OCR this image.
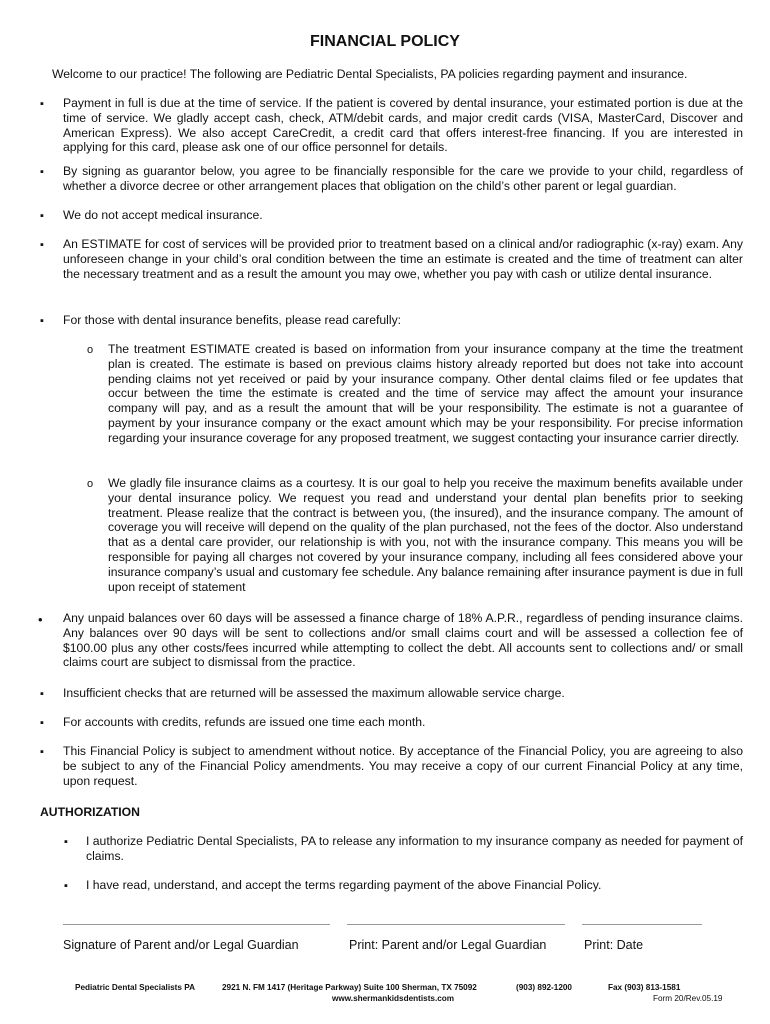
FINANCIAL POLICY
Welcome to our practice! The following are Pediatric Dental Specialists, PA policies regarding payment and insurance.
▪ Payment in full is due at the time of service. If the patient is covered by dental insurance, your estimated portion is due at the time of service. We gladly accept cash, check, ATM/debit cards, and major credit cards (VISA, MasterCard, Discover and American Express). We also accept CareCredit, a credit card that offers interest-free financing. If you are interested in applying for this card, please ask one of our office personnel for details.
▪ By signing as guarantor below, you agree to be financially responsible for the care we provide to your child, regardless of whether a divorce decree or other arrangement places that obligation on the child’s other parent or legal guardian.
▪ We do not accept medical insurance.
▪ An ESTIMATE for cost of services will be provided prior to treatment based on a clinical and/or radiographic (x-ray) exam. Any unforeseen change in your child’s oral condition between the time an estimate is created and the time of treatment can alter the necessary treatment and as a result the amount you may owe, whether you pay with cash or utilize dental insurance.
▪ For those with dental insurance benefits, please read carefully:
o The treatment ESTIMATE created is based on information from your insurance company at the time the treatment plan is created. The estimate is based on previous claims history already reported but does not take into account pending claims not yet received or paid by your insurance company. Other dental claims filed or fee updates that occur between the time the estimate is created and the time of service may affect the amount your insurance company will pay, and as a result the amount that will be your responsibility. The estimate is not a guarantee of payment by your insurance company or the exact amount which may be your responsibility. For precise information regarding your insurance coverage for any proposed treatment, we suggest contacting your insurance carrier directly.
o We gladly file insurance claims as a courtesy. It is our goal to help you receive the maximum benefits available under your dental insurance policy. We request you read and understand your dental plan benefits prior to seeking treatment. Please realize that the contract is between you, (the insured), and the insurance company. The amount of coverage you will receive will depend on the quality of the plan purchased, not the fees of the doctor. Also understand that as a dental care provider, our relationship is with you, not with the insurance company. This means you will be responsible for paying all charges not covered by your insurance company, including all fees considered above your insurance company’s usual and customary fee schedule. Any balance remaining after insurance payment is due in full upon receipt of statement
• Any unpaid balances over 60 days will be assessed a finance charge of 18% A.P.R., regardless of pending insurance claims. Any balances over 90 days will be sent to collections and/or small claims court and will be assessed a collection fee of $100.00 plus any other costs/fees incurred while attempting to collect the debt. All accounts sent to collections and/ or small claims court are subject to dismissal from the practice.
▪ Insufficient checks that are returned will be assessed the maximum allowable service charge.
▪ For accounts with credits, refunds are issued one time each month.
▪ This Financial Policy is subject to amendment without notice. By acceptance of the Financial Policy, you are agreeing to also be subject to any of the Financial Policy amendments. You may receive a copy of our current Financial Policy at any time, upon request.
AUTHORIZATION
▪ I authorize Pediatric Dental Specialists, PA to release any information to my insurance company as needed for payment of claims.
▪ I have read, understand, and accept the terms regarding payment of the above Financial Policy.
Signature of Parent and/or Legal Guardian	Print: Parent and/or Legal Guardian	Print: Date
Pediatric Dental Specialists PA	2921 N. FM 1417 (Heritage Parkway) Suite 100 Sherman, TX 75092	(903) 892-1200	Fax (903) 813-1581
www.shermankidsdentists.com	Form 20/Rev.05.19
